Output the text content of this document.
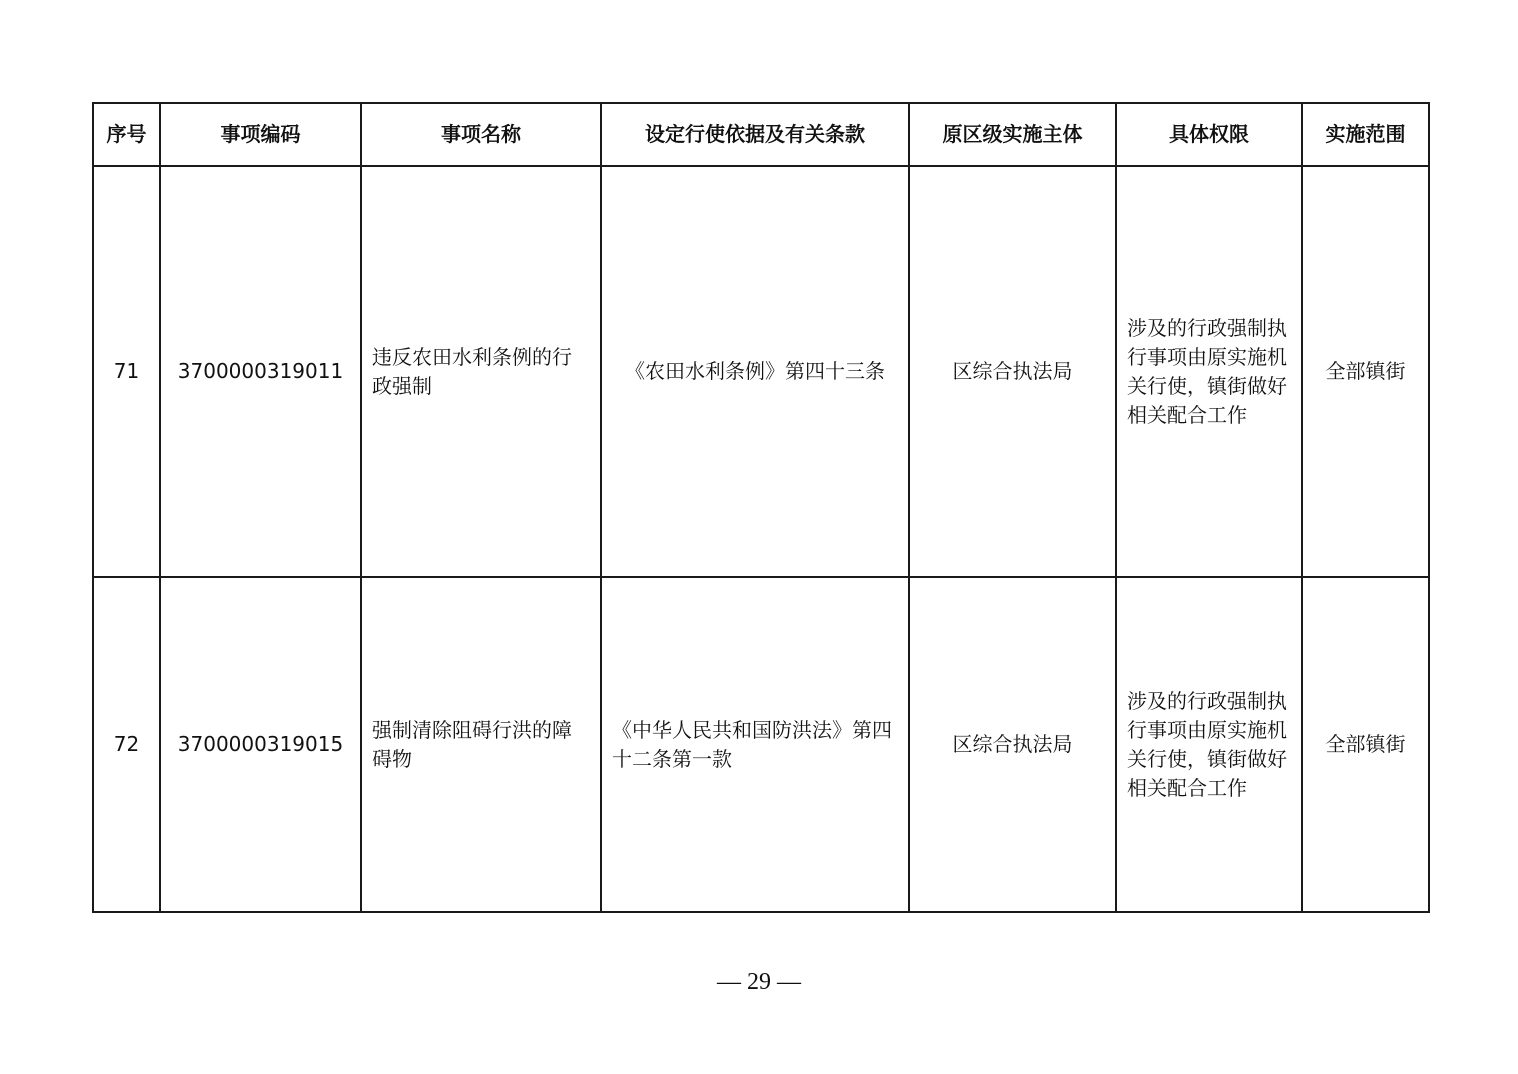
序号	事项编码	事项名称	设定行使依据及有关条款	原区级实施主体	具体权限	实施范围
71	3700000319011	违反农田水利条例的行政强制	《农田水利条例》第四十三条	区综合执法局	涉及的行政强制执行事项由原实施机关行使，镇街做好相关配合工作	全部镇街
72	3700000319015	强制清除阻碍行洪的障碍物	《中华人民共和国防洪法》第四十二条第一款	区综合执法局	涉及的行政强制执行事项由原实施机关行使，镇街做好相关配合工作	全部镇街
— 29 —
